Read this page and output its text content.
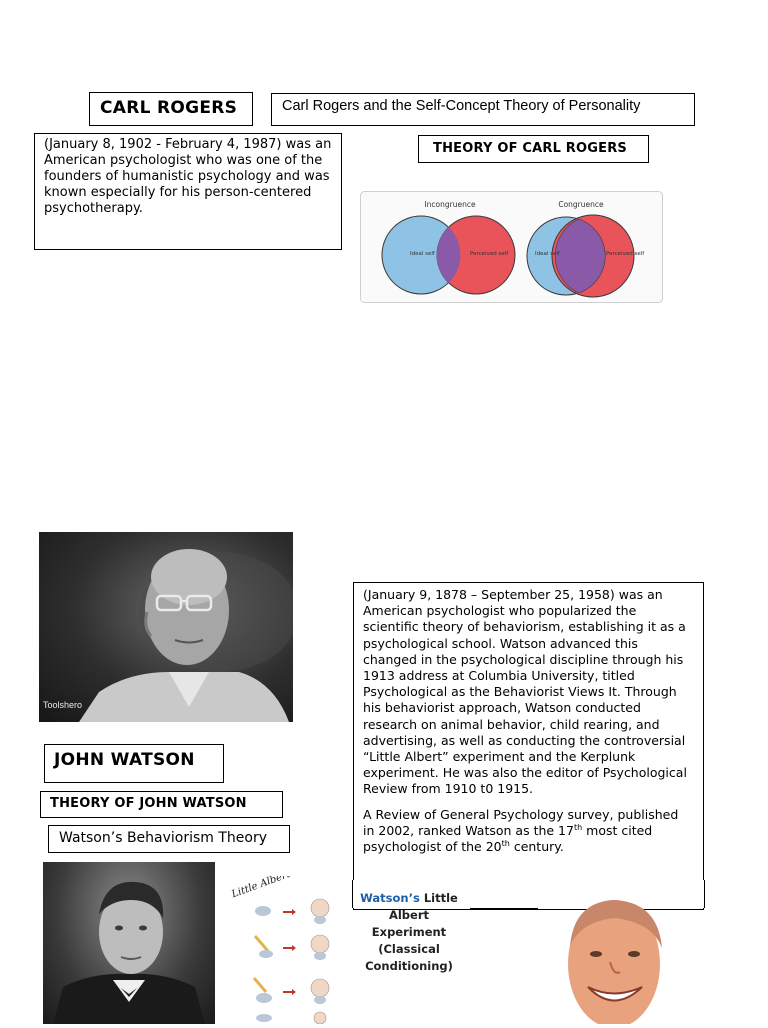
CARL ROGERS	Carl Rogers and the Self-Concept Theory of Personality
(January 8, 1902 - February 4, 1987) was an American psychologist who was one of the founders of humanistic psychology and was known especially for his person-centered psychotherapy.
THEORY OF CARL ROGERS
Incongruence	Congruence
Ideal self	Perceived self	Ideal self	Perceived self
Toolshero

(January 9, 1878 – September 25, 1958) was an American psychologist who popularized the scientific theory of behaviorism, establishing it as a psychological school. Watson advanced this changed in the psychological discipline through his 1913 address at Columbia University, titled Psychological as the Behaviorist Views It. Through his behaviorist approach, Watson conducted research on animal behavior, child rearing, and advertising, as well as conducting the controversial “Little Albert” experiment and the Kerplunk experiment. He was also the editor of Psychological Review from 1910 t0 1915.

A Review of General Psychology survey, published in 2002, ranked Watson as the 17th most cited psychologist of the 20th century.

JOHN WATSON
THEORY OF JOHN WATSON
Watson’s Behaviorism Theory
Little Albert	Watson’s Little Albert Experiment (Classical Conditioning)
